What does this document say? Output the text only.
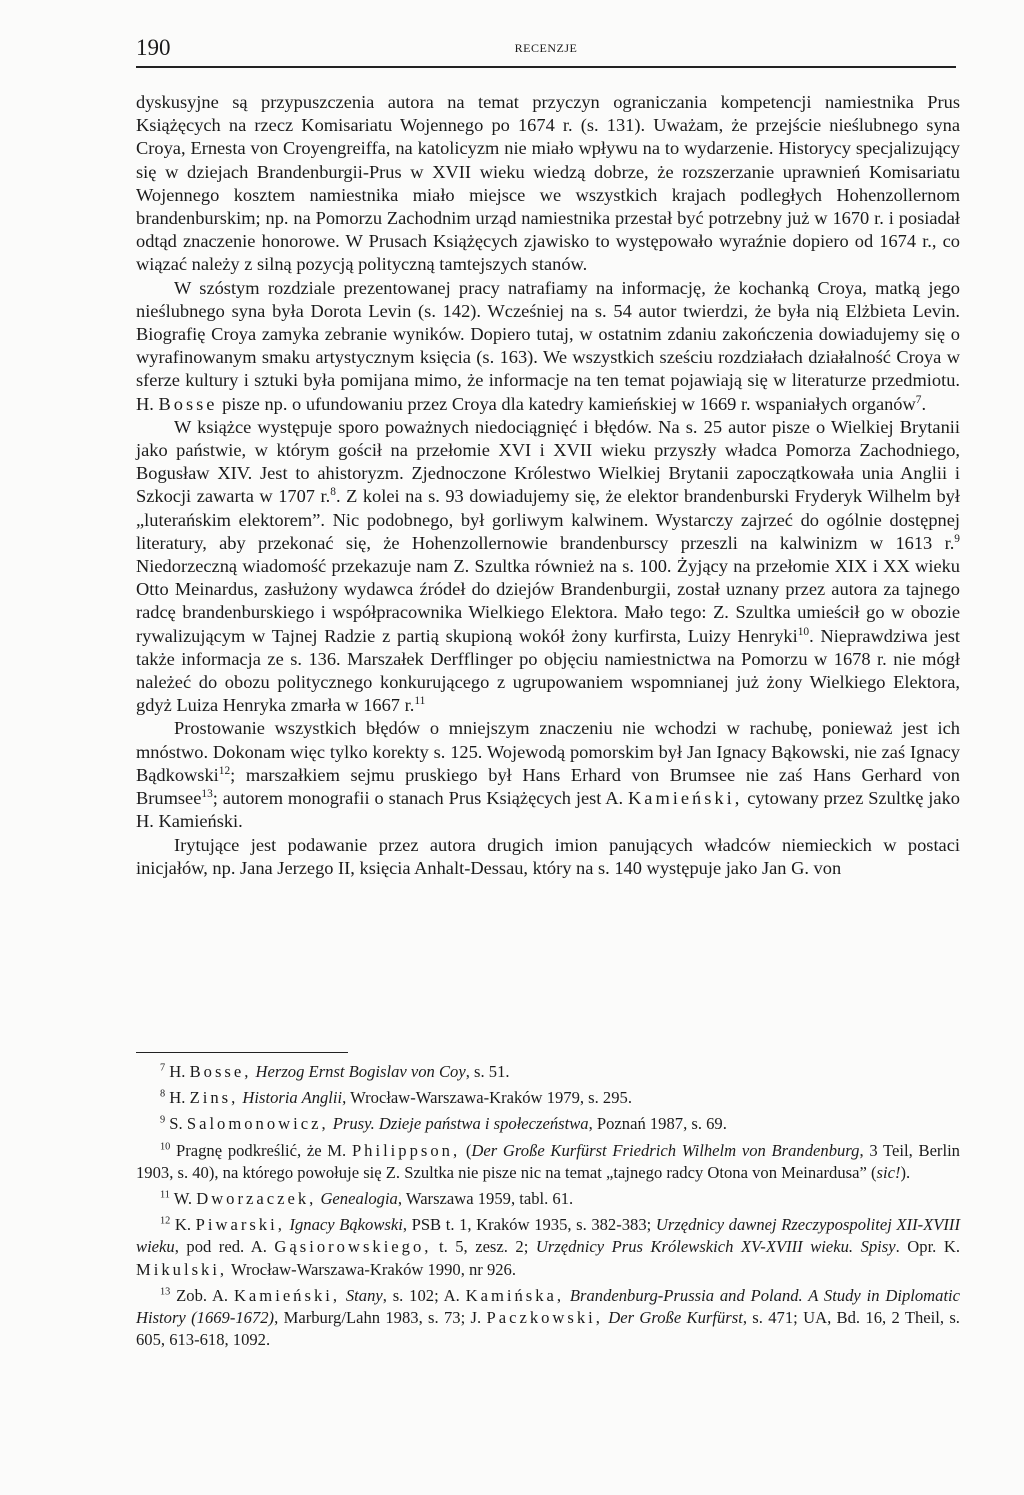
190	RECENZJE

dyskusyjne są przypuszczenia autora na temat przyczyn ograniczania kompetencji namiestnika Prus Książęcych na rzecz Komisariatu Wojennego po 1674 r. (s. 131). Uważam, że przejście nieślubnego syna Croya, Ernesta von Croyengreiffa, na katolicyzm nie miało wpływu na to wydarzenie. Historycy specjalizujący się w dziejach Brandenburgii-Prus w XVII wieku wiedzą dobrze, że rozszerzanie uprawnień Komisariatu Wojennego kosztem namiestnika miało miejsce we wszystkich krajach podległych Hohenzollernom brandenburskim; np. na Pomorzu Zachodnim urząd namiestnika przestał być potrzebny już w 1670 r. i posiadał odtąd znaczenie honorowe. W Prusach Książęcych zjawisko to występowało wyraźnie dopiero od 1674 r., co wiązać należy z silną pozycją polityczną tamtejszych stanów.

W szóstym rozdziale prezentowanej pracy natrafiamy na informację, że kochanką Croya, matką jego nieślubnego syna była Dorota Levin (s. 142). Wcześniej na s. 54 autor twierdzi, że była nią Elżbieta Levin. Biografię Croya zamyka zebranie wyników. Dopiero tutaj, w ostatnim zdaniu zakończenia dowiadujemy się o wyrafinowanym smaku artystycznym księcia (s. 163). We wszystkich sześciu rozdziałach działalność Croya w sferze kultury i sztuki była pomijana mimo, że informacje na ten temat pojawiają się w literaturze przedmiotu. H. Bosse pisze np. o ufundowaniu przez Croya dla katedry kamieńskiej w 1669 r. wspaniałych organów$^7$.

W książce występuje sporo poważnych niedociągnięć i błędów. Na s. 25 autor pisze o Wielkiej Brytanii jako państwie, w którym gościł na przełomie XVI i XVII wieku przyszły władca Pomorza Zachodniego, Bogusław XIV. Jest to ahistoryzm. Zjednoczone Królestwo Wielkiej Brytanii zapoczątkowała unia Anglii i Szkocji zawarta w 1707 r.$^8$. Z kolei na s. 93 dowiadujemy się, że elektor brandenburski Fryderyk Wilhelm był „luterańskim elektorem”. Nic podobnego, był gorliwym kalwinem. Wystarczy zajrzeć do ogólnie dostępnej literatury, aby przekonać się, że Hohenzollernowie brandenburscy przeszli na kalwinizm w 1613 r.$^9$ Niedorzeczną wiadomość przekazuje nam Z. Szultka również na s. 100. Żyjący na przełomie XIX i XX wieku Otto Meinardus, zasłużony wydawca źródeł do dziejów Brandenburgii, został uznany przez autora za tajnego radcę brandenburskiego i współpracownika Wielkiego Elektora. Mało tego: Z. Szultka umieścił go w obozie rywalizującym w Tajnej Radzie z partią skupioną wokół żony kurfirsta, Luizy Henryki$^{10}$. Nieprawdziwa jest także informacja ze s. 136. Marszałek Derfflinger po objęciu namiestnictwa na Pomorzu w 1678 r. nie mógł należeć do obozu politycznego konkurującego z ugrupowaniem wspomnianej już żony Wielkiego Elektora, gdyż Luiza Henryka zmarła w 1667 r.$^{11}$

Prostowanie wszystkich błędów o mniejszym znaczeniu nie wchodzi w rachubę, ponieważ jest ich mnóstwo. Dokonam więc tylko korekty s. 125. Wojewodą pomorskim był Jan Ignacy Bąkowski, nie zaś Ignacy Bądkowski$^{12}$; marszałkiem sejmu pruskiego był Hans Erhard von Brumsee nie zaś Hans Gerhard von Brumsee$^{13}$; autorem monografii o stanach Prus Książęcych jest A. Kamieński, cytowany przez Szultkę jako H. Kamieński.

Irytujące jest podawanie przez autora drugich imion panujących władców niemieckich w postaci inicjałów, np. Jana Jerzego II, księcia Anhalt-Dessau, który na s. 140 występuje jako Jan G. von

$^7$ H. Bosse, Herzog Ernst Bogislav von Coy, s. 51.

$^8$ H. Zins, Historia Anglii, Wrocław-Warszawa-Kraków 1979, s. 295.

$^9$ S. Salomonowicz, Prusy. Dzieje państwa i społeczeństwa, Poznań 1987, s. 69.

$^{10}$ Pragnę podkreślić, że M. Philippson, (Der Große Kurfürst Friedrich Wilhelm von Brandenburg, 3 Teil, Berlin 1903, s. 40), na którego powołuje się Z. Szultka nie pisze nic na temat „tajnego radcy Otona von Meinardusa” (sic!).

$^{11}$ W. Dworzaczek, Genealogia, Warszawa 1959, tabl. 61.

$^{12}$ K. Piwarski, Ignacy Bąkowski, PSB t. 1, Kraków 1935, s. 382-383; Urzędnicy dawnej Rzeczypospolitej XII-XVIII wieku, pod red. A. Gąsiorowskiego, t. 5, zesz. 2; Urzędnicy Prus Królewskich XV-XVIII wieku. Spisy. Opr. K. Mikulski, Wrocław-Warszawa-Kraków 1990, nr 926.

$^{13}$ Zob. A. Kamieński, Stany, s. 102; A. Kamińska, Brandenburg-Prussia and Poland. A Study in Diplomatic History (1669-1672), Marburg/Lahn 1983, s. 73; J. Paczkowski, Der Große Kurfürst, s. 471; UA, Bd. 16, 2 Theil, s. 605, 613-618, 1092.
